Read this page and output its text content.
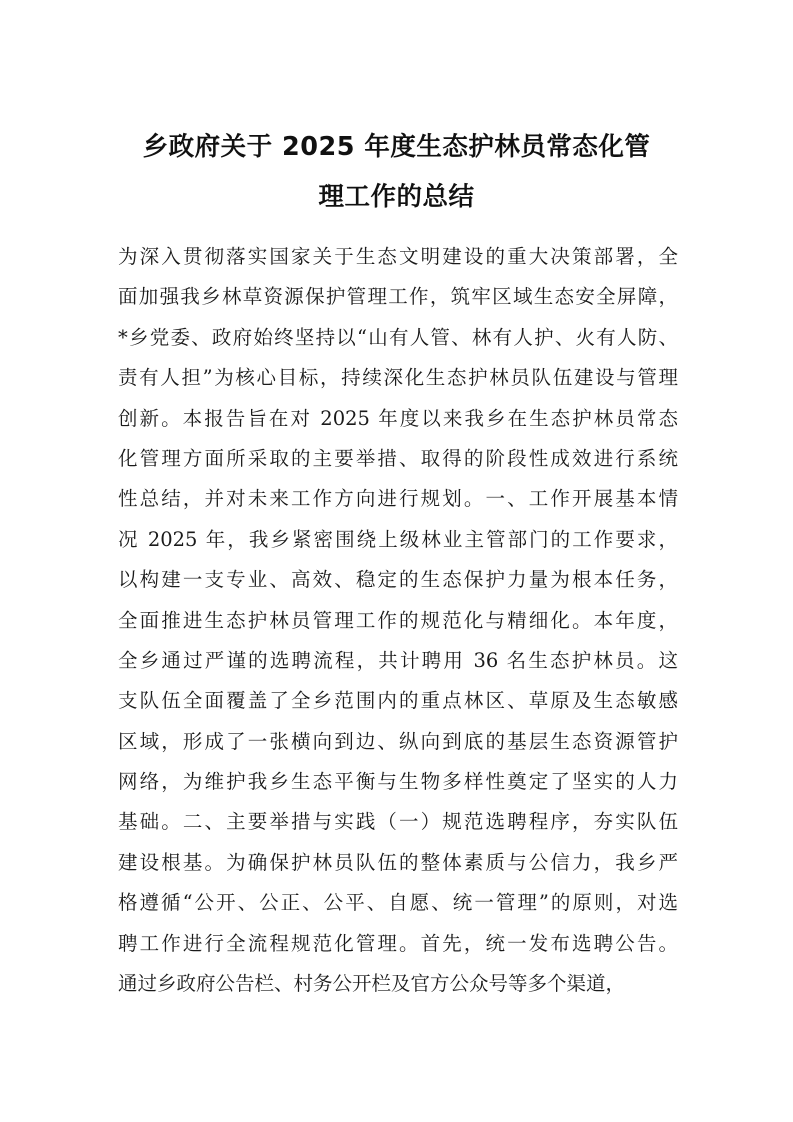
乡政府关于 2025 年度生态护林员常态化管
理工作的总结
为深入贯彻落实国家关于生态文明建设的重大决策部署，全
面加强我乡林草资源保护管理工作，筑牢区域生态安全屏障，
*乡党委、政府始终坚持以“山有人管、林有人护、火有人防、
责有人担”为核心目标，持续深化生态护林员队伍建设与管理
创新。本报告旨在对 2025 年度以来我乡在生态护林员常态
化管理方面所采取的主要举措、取得的阶段性成效进行系统
性总结，并对未来工作方向进行规划。一、工作开展基本情
况 2025 年，我乡紧密围绕上级林业主管部门的工作要求，
以构建一支专业、高效、稳定的生态保护力量为根本任务，
全面推进生态护林员管理工作的规范化与精细化。本年度，
全乡通过严谨的选聘流程，共计聘用 36 名生态护林员。这
支队伍全面覆盖了全乡范围内的重点林区、草原及生态敏感
区域，形成了一张横向到边、纵向到底的基层生态资源管护
网络，为维护我乡生态平衡与生物多样性奠定了坚实的人力
基础。二、主要举措与实践（一）规范选聘程序，夯实队伍
建设根基。为确保护林员队伍的整体素质与公信力，我乡严
格遵循“公开、公正、公平、自愿、统一管理”的原则，对选
聘工作进行全流程规范化管理。首先，统一发布选聘公告。
通过乡政府公告栏、村务公开栏及官方公众号等多个渠道，
